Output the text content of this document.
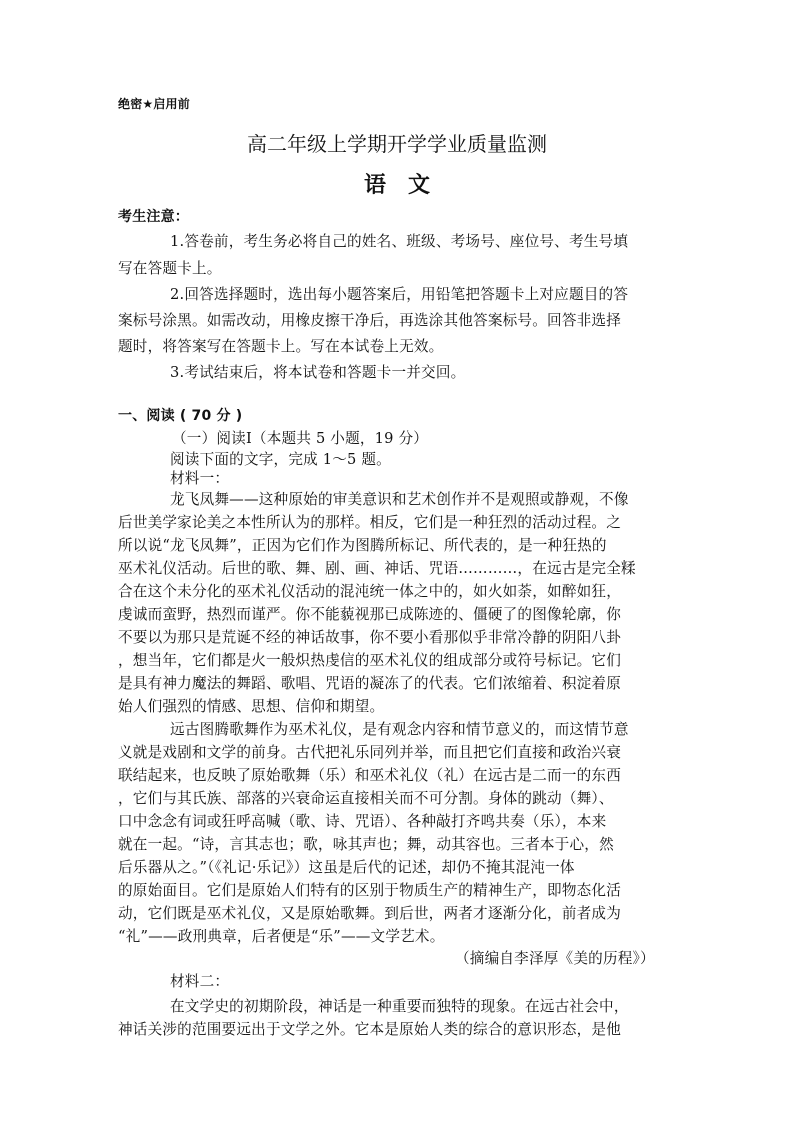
绝密★启用前
高二年级上学期开学学业质量监测
语　文
考生注意：
1.答卷前，考生务必将自己的姓名、班级、考场号、座位号、考生号填
写在答题卡上。
2.回答选择题时，选出每小题答案后，用铅笔把答题卡上对应题目的答
案标号涂黑。如需改动，用橡皮擦干净后，再选涂其他答案标号。回答非选择
题时，将答案写在答题卡上。写在本试卷上无效。
3.考试结束后，将本试卷和答题卡一并交回。
一、阅读 ( 70 分 )
（一）阅读Ⅰ（本题共 5 小题，19 分）
阅读下面的文字，完成 1～5 题。
材料一：
龙飞凤舞——这种原始的审美意识和艺术创作并不是观照或静观，不像
后世美学家论美之本性所认为的那样。相反，它们是一种狂烈的活动过程。之
所以说“龙飞凤舞”，正因为它们作为图腾所标记、所代表的，是一种狂热的
巫术礼仪活动。后世的歌、舞、剧、画、神话、咒语…………，在远古是完全糅
合在这个未分化的巫术礼仪活动的混沌统一体之中的，如火如荼，如醉如狂，
虔诚而蛮野，热烈而谨严。你不能藐视那已成陈迹的、僵硬了的图像轮廓，你
不要以为那只是荒诞不经的神话故事，你不要小看那似乎非常冷静的阴阳八卦
，想当年，它们都是火一般炽热虔信的巫术礼仪的组成部分或符号标记。它们
是具有神力魔法的舞蹈、歌唱、咒语的凝冻了的代表。它们浓缩着、积淀着原
始人们强烈的情感、思想、信仰和期望。
远古图腾歌舞作为巫术礼仪，是有观念内容和情节意义的，而这情节意
义就是戏剧和文学的前身。古代把礼乐同列并举，而且把它们直接和政治兴衰
联结起来，也反映了原始歌舞（乐）和巫术礼仪（礼）在远古是二而一的东西
，它们与其氏族、部落的兴衰命运直接相关而不可分割。身体的跳动（舞）、
口中念念有词或狂呼高喊（歌、诗、咒语）、各种敲打齐鸣共奏（乐），本来
就在一起。“诗，言其志也；歌，咏其声也；舞，动其容也。三者本于心，然
后乐器从之。”（《礼记·乐记》）这虽是后代的记述，却仍不掩其混沌一体
的原始面目。它们是原始人们特有的区别于物质生产的精神生产，即物态化活
动，它们既是巫术礼仪，又是原始歌舞。到后世，两者才逐渐分化，前者成为
“礼”——政刑典章，后者便是“乐”——文学艺术。
（摘编自李泽厚《美的历程》）
材料二：
在文学史的初期阶段，神话是一种重要而独特的现象。在远古社会中，
神话关涉的范围要远出于文学之外。它本是原始人类的综合的意识形态，是他
